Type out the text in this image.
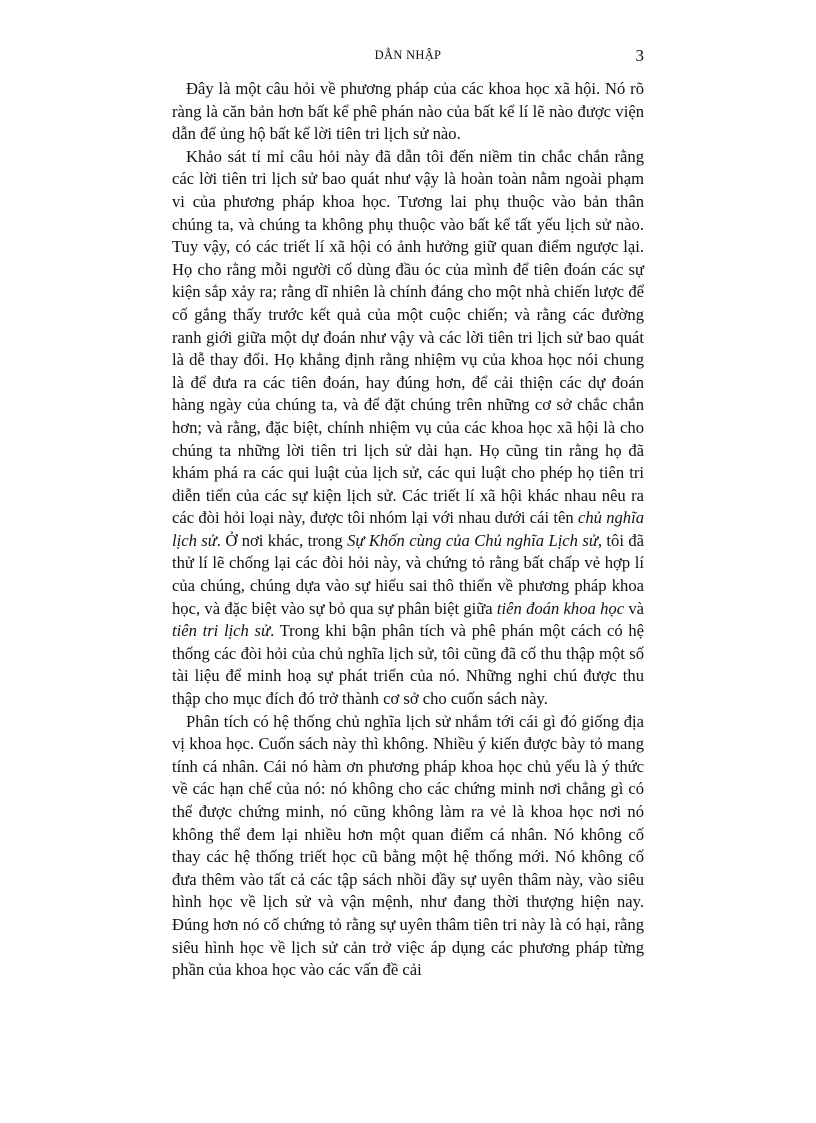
DẪN NHẬP	3

Đây là một câu hỏi về phương pháp của các khoa học xã hội. Nó rõ ràng là căn bản hơn bất kể phê phán nào của bất kể lí lẽ nào được viện dẫn để ủng hộ bất kể lời tiên tri lịch sử nào.

Khảo sát tỉ mỉ câu hỏi này đã dẫn tôi đến niềm tin chắc chắn rằng các lời tiên tri lịch sử bao quát như vậy là hoàn toàn nằm ngoài phạm vi của phương pháp khoa học. Tương lai phụ thuộc vào bản thân chúng ta, và chúng ta không phụ thuộc vào bất kể tất yếu lịch sử nào. Tuy vậy, có các triết lí xã hội có ảnh hưởng giữ quan điểm ngược lại. Họ cho rằng mỗi người cố dùng đầu óc của mình để tiên đoán các sự kiện sắp xảy ra; rằng dĩ nhiên là chính đáng cho một nhà chiến lược để cố gắng thấy trước kết quả của một cuộc chiến; và rằng các đường ranh giới giữa một dự đoán như vậy và các lời tiên tri lịch sử bao quát là dễ thay đổi. Họ khẳng định rằng nhiệm vụ của khoa học nói chung là để đưa ra các tiên đoán, hay đúng hơn, để cải thiện các dự đoán hàng ngày của chúng ta, và để đặt chúng trên những cơ sở chắc chắn hơn; và rằng, đặc biệt, chính nhiệm vụ của các khoa học xã hội là cho chúng ta những lời tiên tri lịch sử dài hạn. Họ cũng tin rằng họ đã khám phá ra các qui luật của lịch sử, các qui luật cho phép họ tiên tri diễn tiến của các sự kiện lịch sử. Các triết lí xã hội khác nhau nêu ra các đòi hỏi loại này, được tôi nhóm lại với nhau dưới cái tên chủ nghĩa lịch sử. Ở nơi khác, trong Sự Khốn cùng của Chủ nghĩa Lịch sử, tôi đã thử lí lẽ chống lại các đòi hỏi này, và chứng tỏ rằng bất chấp vẻ hợp lí của chúng, chúng dựa vào sự hiểu sai thô thiển về phương pháp khoa học, và đặc biệt vào sự bỏ qua sự phân biệt giữa tiên đoán khoa học và tiên tri lịch sử. Trong khi bận phân tích và phê phán một cách có hệ thống các đòi hỏi của chủ nghĩa lịch sử, tôi cũng đã cố thu thập một số tài liệu để minh hoạ sự phát triển của nó. Những nghi chú được thu thập cho mục đích đó trở thành cơ sở cho cuốn sách này.

Phân tích có hệ thống chủ nghĩa lịch sử nhắm tới cái gì đó giống địa vị khoa học. Cuốn sách này thì không. Nhiều ý kiến được bày tỏ mang tính cá nhân. Cái nó hàm ơn phương pháp khoa học chủ yếu là ý thức về các hạn chế của nó: nó không cho các chứng minh nơi chẳng gì có thể được chứng minh, nó cũng không làm ra vẻ là khoa học nơi nó không thể đem lại nhiều hơn một quan điểm cá nhân. Nó không cố thay các hệ thống triết học cũ bằng một hệ thống mới. Nó không cố đưa thêm vào tất cả các tập sách nhồi đầy sự uyên thâm này, vào siêu hình học về lịch sử và vận mệnh, như đang thời thượng hiện nay. Đúng hơn nó cố chứng tỏ rằng sự uyên thâm tiên tri này là có hại, rằng siêu hình học về lịch sử cản trở việc áp dụng các phương pháp từng phần của khoa học vào các vấn đề cải
